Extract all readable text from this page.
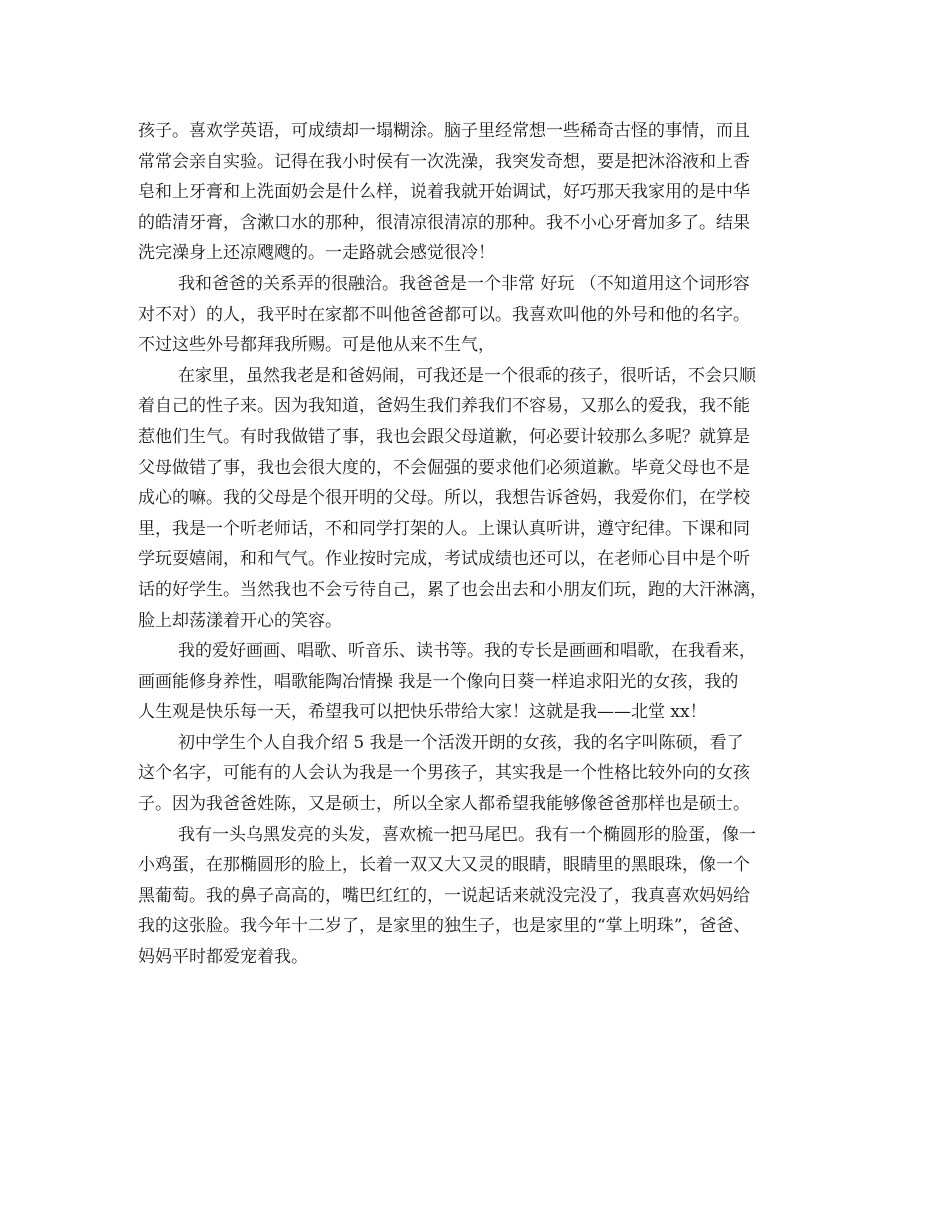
孩子。喜欢学英语，可成绩却一塌糊涂。脑子里经常想一些稀奇古怪的事情，而且
常常会亲自实验。记得在我小时侯有一次洗澡，我突发奇想，要是把沐浴液和上香
皂和上牙膏和上洗面奶会是什么样，说着我就开始调试，好巧那天我家用的是中华
的皓清牙膏，含漱口水的那种，很清凉很清凉的那种。我不小心牙膏加多了。结果
洗完澡身上还凉飕飕的。一走路就会感觉很冷！
我和爸爸的关系弄的很融洽。我爸爸是一个非常 好玩 （不知道用这个词形容
对不对）的人，我平时在家都不叫他爸爸都可以。我喜欢叫他的外号和他的名字。
不过这些外号都拜我所赐。可是他从来不生气，
在家里，虽然我老是和爸妈闹，可我还是一个很乖的孩子，很听话，不会只顺
着自己的性子来。因为我知道，爸妈生我们养我们不容易，又那么的爱我，我不能
惹他们生气。有时我做错了事，我也会跟父母道歉，何必要计较那么多呢？就算是
父母做错了事，我也会很大度的，不会倔强的要求他们必须道歉。毕竟父母也不是
成心的嘛。我的父母是个很开明的父母。所以，我想告诉爸妈，我爱你们，在学校
里，我是一个听老师话，不和同学打架的人。上课认真听讲，遵守纪律。下课和同
学玩耍嬉闹，和和气气。作业按时完成，考试成绩也还可以，在老师心目中是个听
话的好学生。当然我也不会亏待自己，累了也会出去和小朋友们玩，跑的大汗淋漓，
脸上却荡漾着开心的笑容。
我的爱好画画、唱歌、听音乐、读书等。我的专长是画画和唱歌，在我看来，
画画能修身养性，唱歌能陶冶情操 我是一个像向日葵一样追求阳光的女孩，我的
人生观是快乐每一天，希望我可以把快乐带给大家！这就是我——北堂 xx！
初中学生个人自我介绍 5 我是一个活泼开朗的女孩，我的名字叫陈硕，看了
这个名字，可能有的人会认为我是一个男孩子，其实我是一个性格比较外向的女孩
子。因为我爸爸姓陈，又是硕士，所以全家人都希望我能够像爸爸那样也是硕士。
我有一头乌黑发亮的头发，喜欢梳一把马尾巴。我有一个椭圆形的脸蛋，像一
小鸡蛋，在那椭圆形的脸上，长着一双又大又灵的眼睛，眼睛里的黑眼珠，像一个
黑葡萄。我的鼻子高高的，嘴巴红红的，一说起话来就没完没了，我真喜欢妈妈给
我的这张脸。我今年十二岁了，是家里的独生子，也是家里的“掌上明珠”，爸爸、
妈妈平时都爱宠着我。
